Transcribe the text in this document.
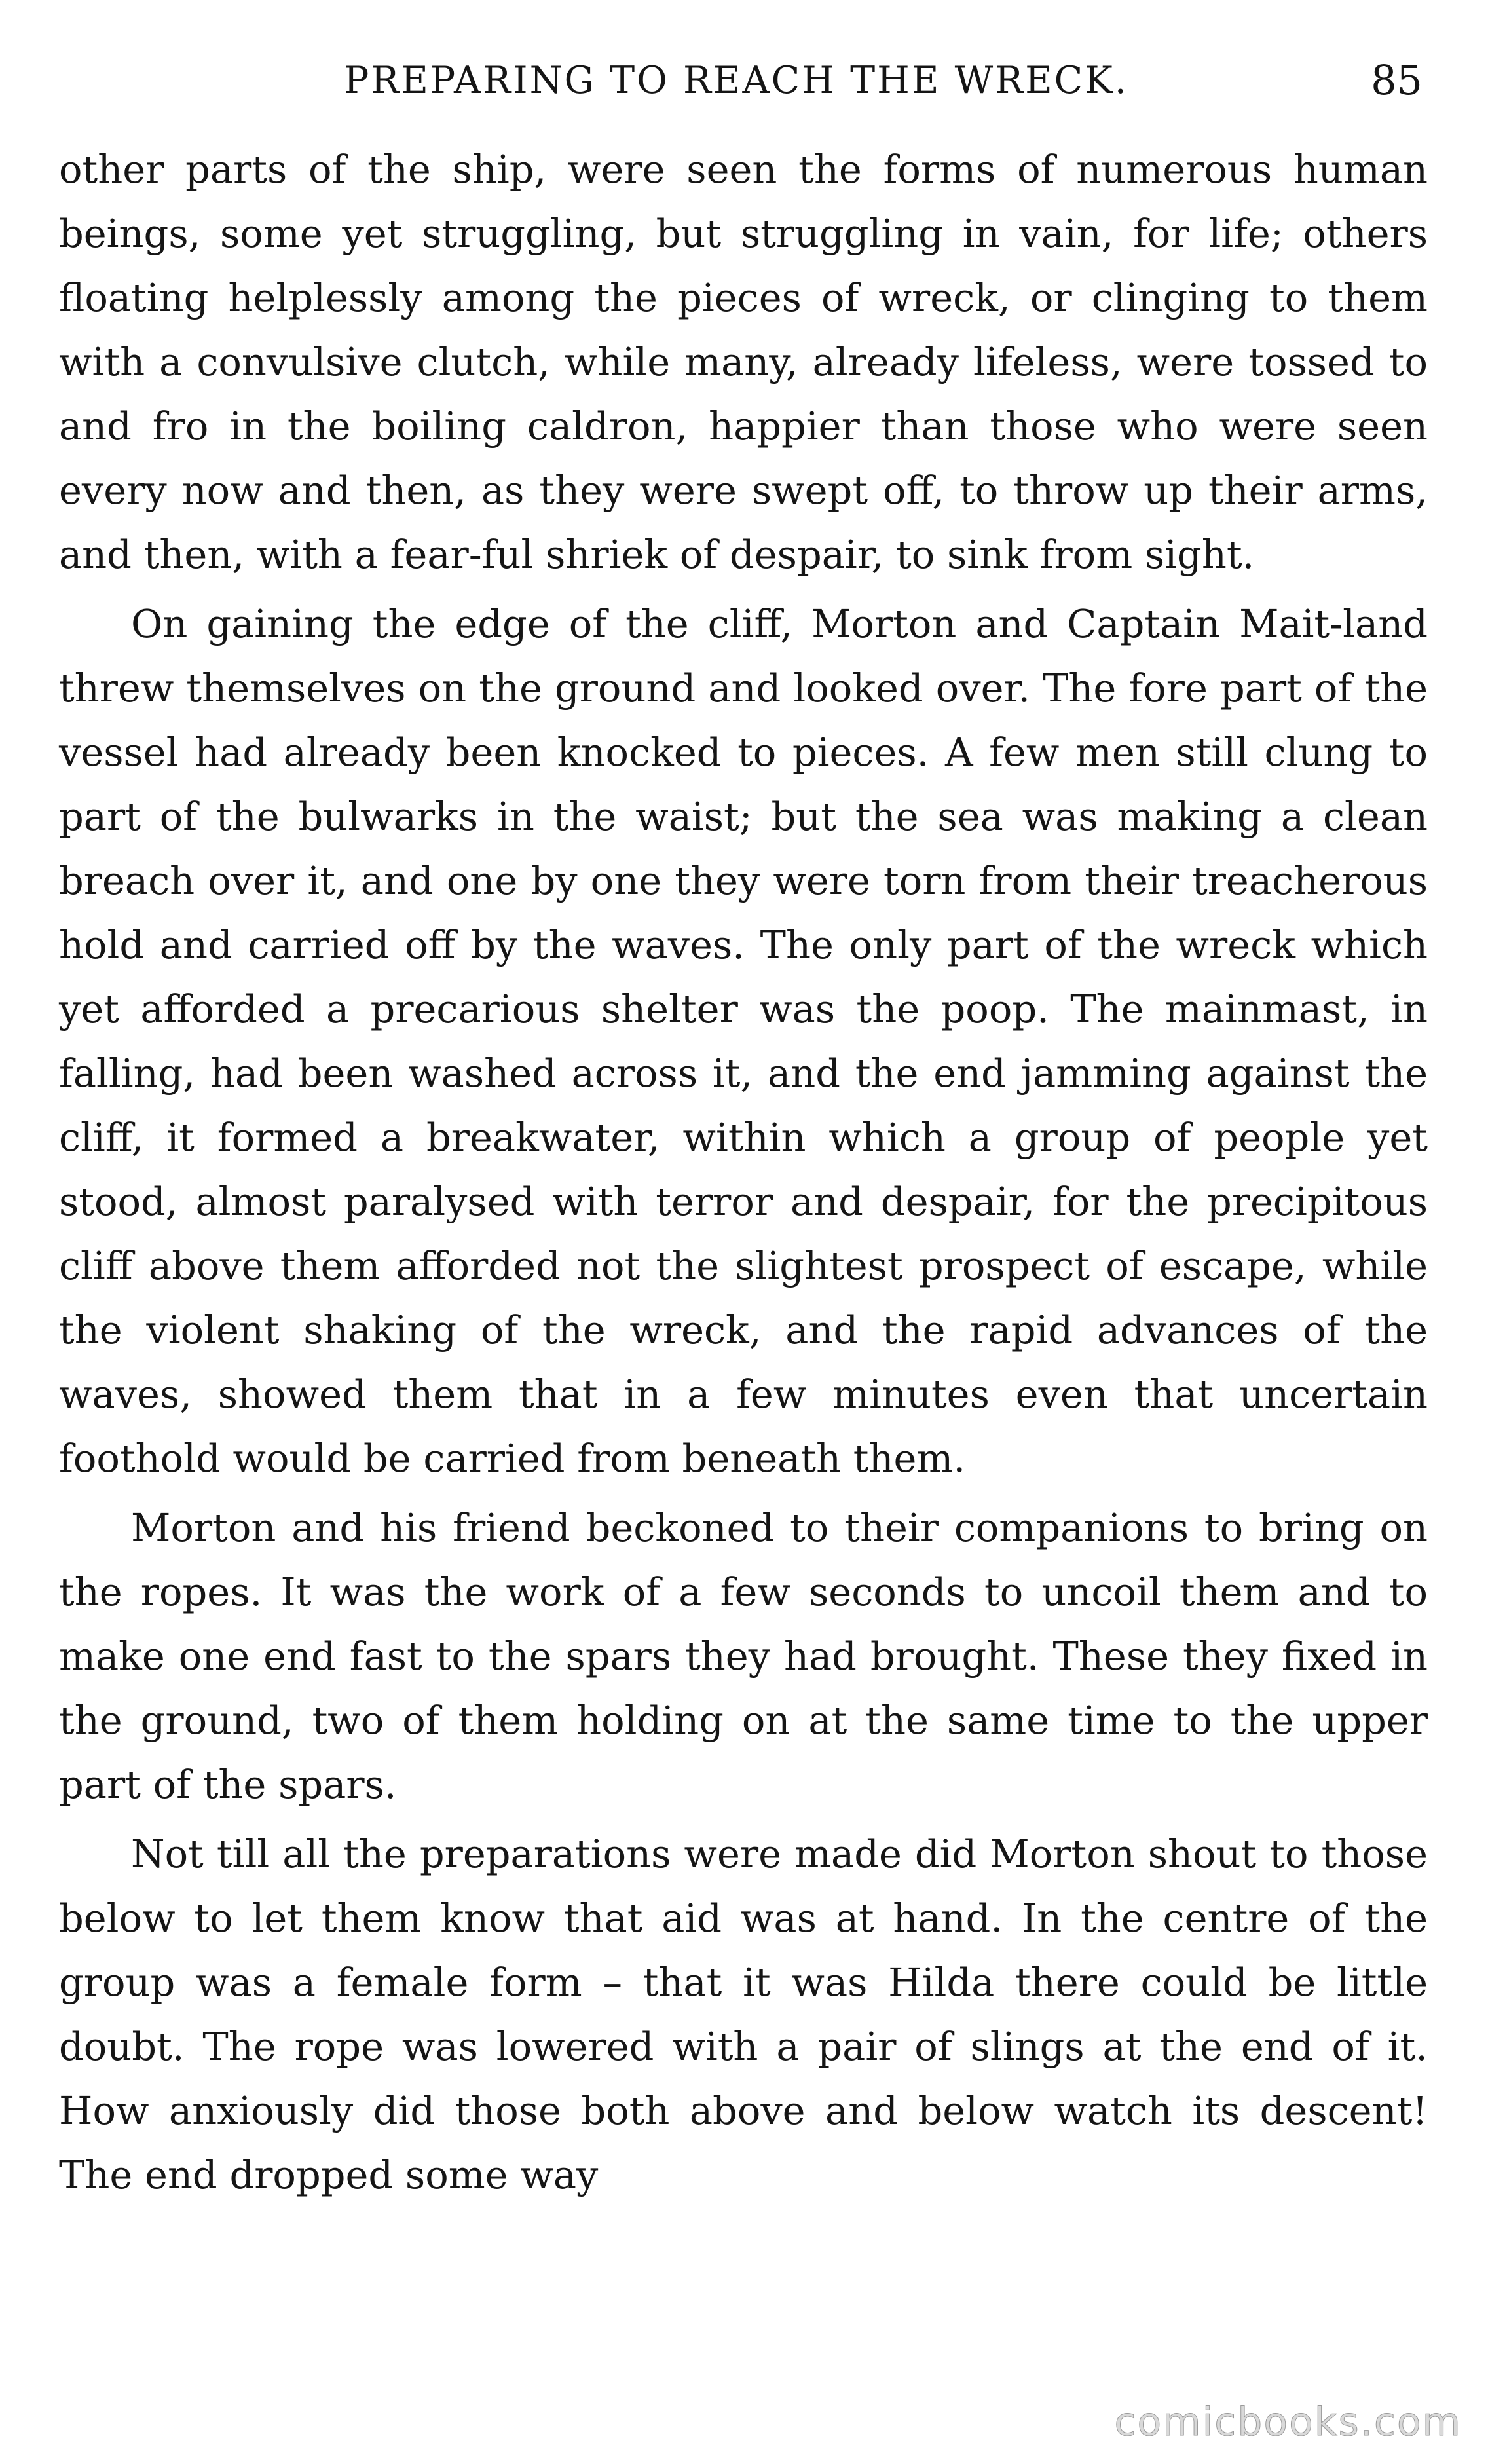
PREPARING TO REACH THE WRECK.	85

other parts of the ship, were seen the forms of numerous human beings, some yet struggling, but struggling in vain, for life; others floating helplessly among the pieces of wreck, or clinging to them with a convulsive clutch, while many, already lifeless, were tossed to and fro in the boiling caldron, happier than those who were seen every now and then, as they were swept off, to throw up their arms, and then, with a fear-ful shriek of despair, to sink from sight.

On gaining the edge of the cliff, Morton and Captain Mait-land threw themselves on the ground and looked over. The fore part of the vessel had already been knocked to pieces. A few men still clung to part of the bulwarks in the waist; but the sea was making a clean breach over it, and one by one they were torn from their treacherous hold and carried off by the waves. The only part of the wreck which yet afforded a precarious shelter was the poop. The mainmast, in falling, had been washed across it, and the end jamming against the cliff, it formed a breakwater, within which a group of people yet stood, almost paralysed with terror and despair, for the precipitous cliff above them afforded not the slightest prospect of escape, while the violent shaking of the wreck, and the rapid advances of the waves, showed them that in a few minutes even that uncertain foothold would be carried from beneath them.

Morton and his friend beckoned to their companions to bring on the ropes. It was the work of a few seconds to uncoil them and to make one end fast to the spars they had brought. These they fixed in the ground, two of them holding on at the same time to the upper part of the spars.

Not till all the preparations were made did Morton shout to those below to let them know that aid was at hand. In the centre of the group was a female form – that it was Hilda there could be little doubt. The rope was lowered with a pair of slings at the end of it. How anxiously did those both above and below watch its descent! The end dropped some way

comicbooks.com
